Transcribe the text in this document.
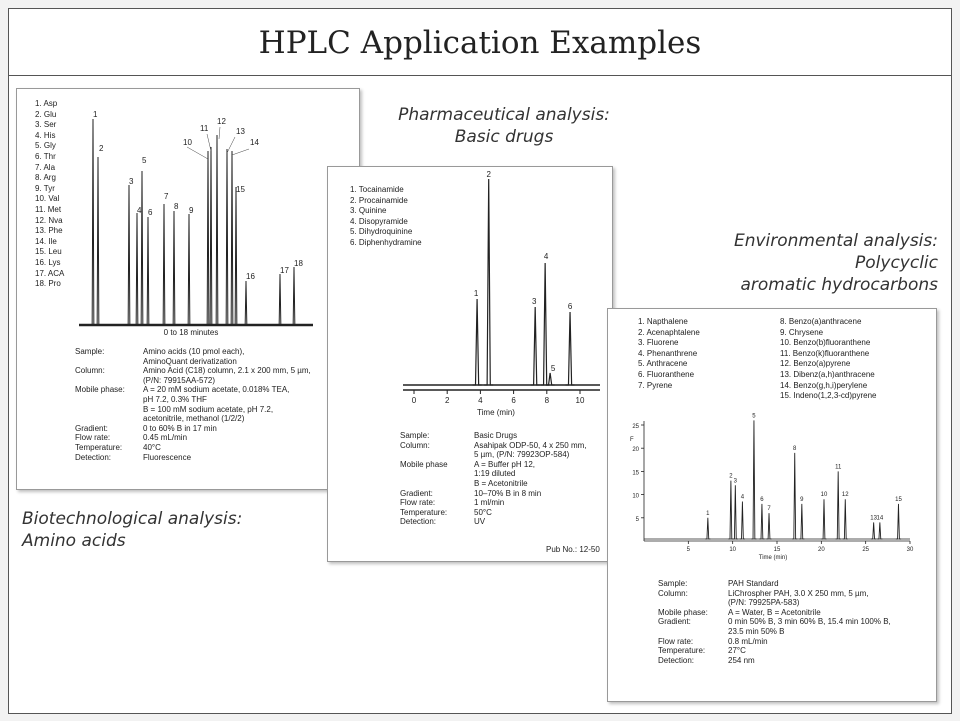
HPLC Application Examples
1. Asp
2. Glu
3. Ser
4. His
5. Gly
6. Thr
7. Ala
8. Arg
9. Tyr
10. Val
11. Met
12. Nva
13. Phe
14. Ile
15. Leu
16. Lys
17. ACA
18. Pro
1
2
3
4
5
6
7
8 9
10
11
12
13
14
15
16
17
18
0 to 18 minutes
Sample:	Amino acids (10 pmol each),
AminoQuant derivatization
Column:	Amino Acid (C18) column, 2.1 x 200 mm, 5 µm,
(P/N: 79915AA-572)
Mobile phase:	A = 20 mM sodium acetate, 0.018% TEA,
pH 7.2, 0.3% THF
B = 100 mM sodium acetate, pH 7.2,
acetonitrile, methanol (1/2/2)
Gradient:	0 to 60% B in 17 min
Flow rate:	0.45 mL/min
Temperature:	40°C
Detection:	Fluorescence
1. Tocainamide
2. Procainamide
3. Quinine
4. Disopyramide
5. Dihydroquinine
6. Diphenhydramine
0	2	4	6	8	10
1
2
3
4
5
6
Time (min)
Sample:	Basic Drugs
Column:	Asahipak ODP-50, 4 x 250 mm,
5 µm, (P/N: 79923OP-584)
Mobile phase	A = Buffer pH 12,
1:19 diluted
B = Acetonitrile
Gradient:	10–70% B in 8 min
Flow rate:	1 ml/min
Temperature:	50°C
Detection:	UV
Pub No.: 12-50
1. Napthalene
2. Acenaphtalene
3. Fluorene
4. Phenanthrene
5. Anthracene
6. Fluoranthene
7. Pyrene
8. Benzo(a)anthracene
9. Chrysene
10. Benzo(b)fluoranthene
11. Benzo(k)fluoranthene
12. Benzo(a)pyrene
13. Dibenz(a,h)anthracene
14. Benzo(g,h,i)perylene
15. Indeno(1,2,3-cd)pyrene
25
20
15
10
5
5	10	15	20	25	30
F
Time (min)
1
2
3
4
5
6
7
8
9
10
11
12
13 14
15
Sample:	PAH Standard
Column:	LiChrospher PAH, 3.0 X 250 mm, 5 µm,
(P/N: 79925PA-583)
Mobile phase:	A = Water, B = Acetonitrile
Gradient:	0 min 50% B, 3 min 60% B, 15.4 min 100% B,
23.5 min 50% B
Flow rate:	0.8 mL/min
Temperature:	27°C
Detection:	254 nm
Biotechnological analysis:
Amino acids
Pharmaceutical analysis:
Basic drugs
Environmental analysis:
Polycyclic
aromatic hydrocarbons
